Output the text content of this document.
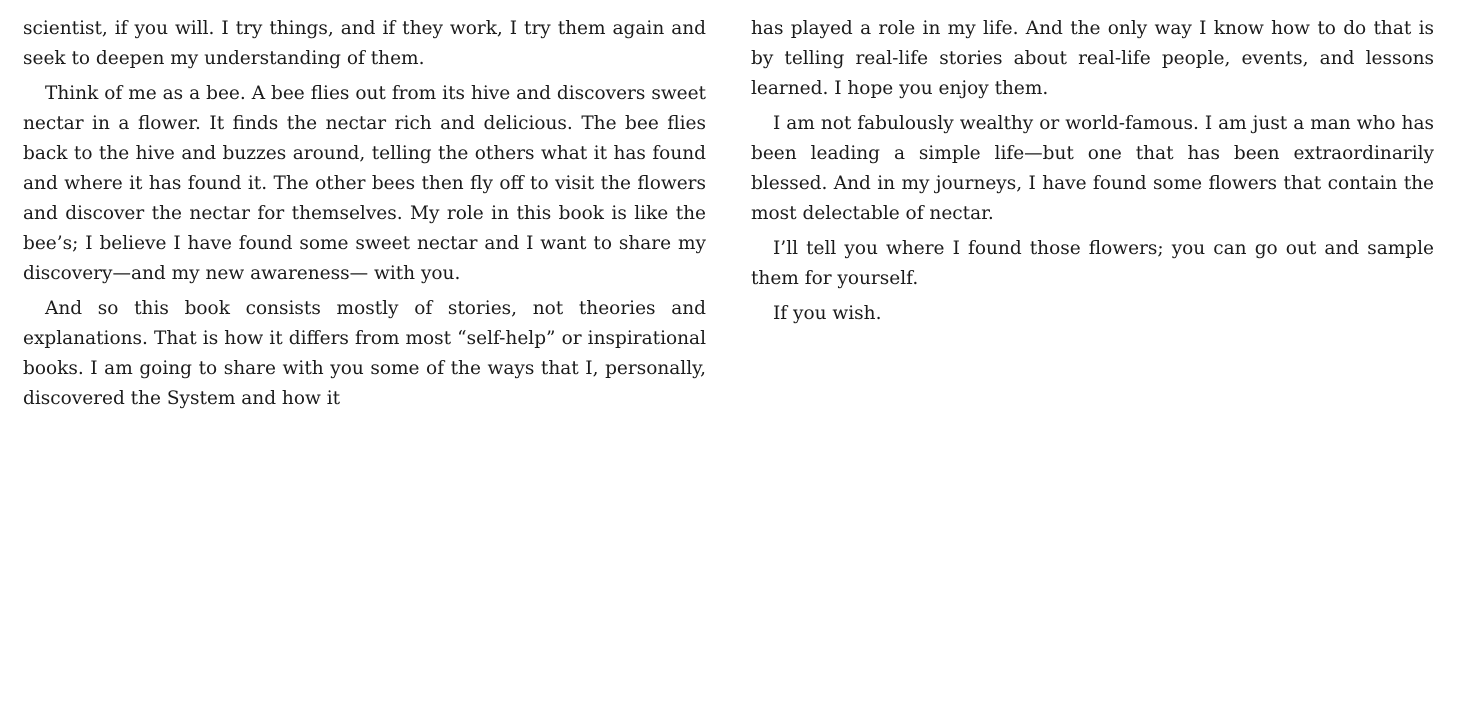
scientist, if you will. I try things, and if they work, I try them again and seek to deepen my understanding of them.

Think of me as a bee. A bee flies out from its hive and discovers sweet nectar in a flower. It finds the nectar rich and delicious. The bee flies back to the hive and buzzes around, telling the others what it has found and where it has found it. The other bees then fly off to visit the flowers and discover the nectar for themselves. My role in this book is like the bee’s; I believe I have found some sweet nectar and I want to share my discovery—and my new awareness— with you.

And so this book consists mostly of stories, not theories and explanations. That is how it differs from most “self-help” or inspirational books. I am going to share with you some of the ways that I, personally, discovered the System and how it

has played a role in my life. And the only way I know how to do that is by telling real-life stories about real-life people, events, and lessons learned. I hope you enjoy them.

I am not fabulously wealthy or world-famous. I am just a man who has been leading a simple life—but one that has been extraordinarily blessed. And in my journeys, I have found some flowers that contain the most delectable of nectar.

I’ll tell you where I found those flowers; you can go out and sample them for yourself.

If you wish.
